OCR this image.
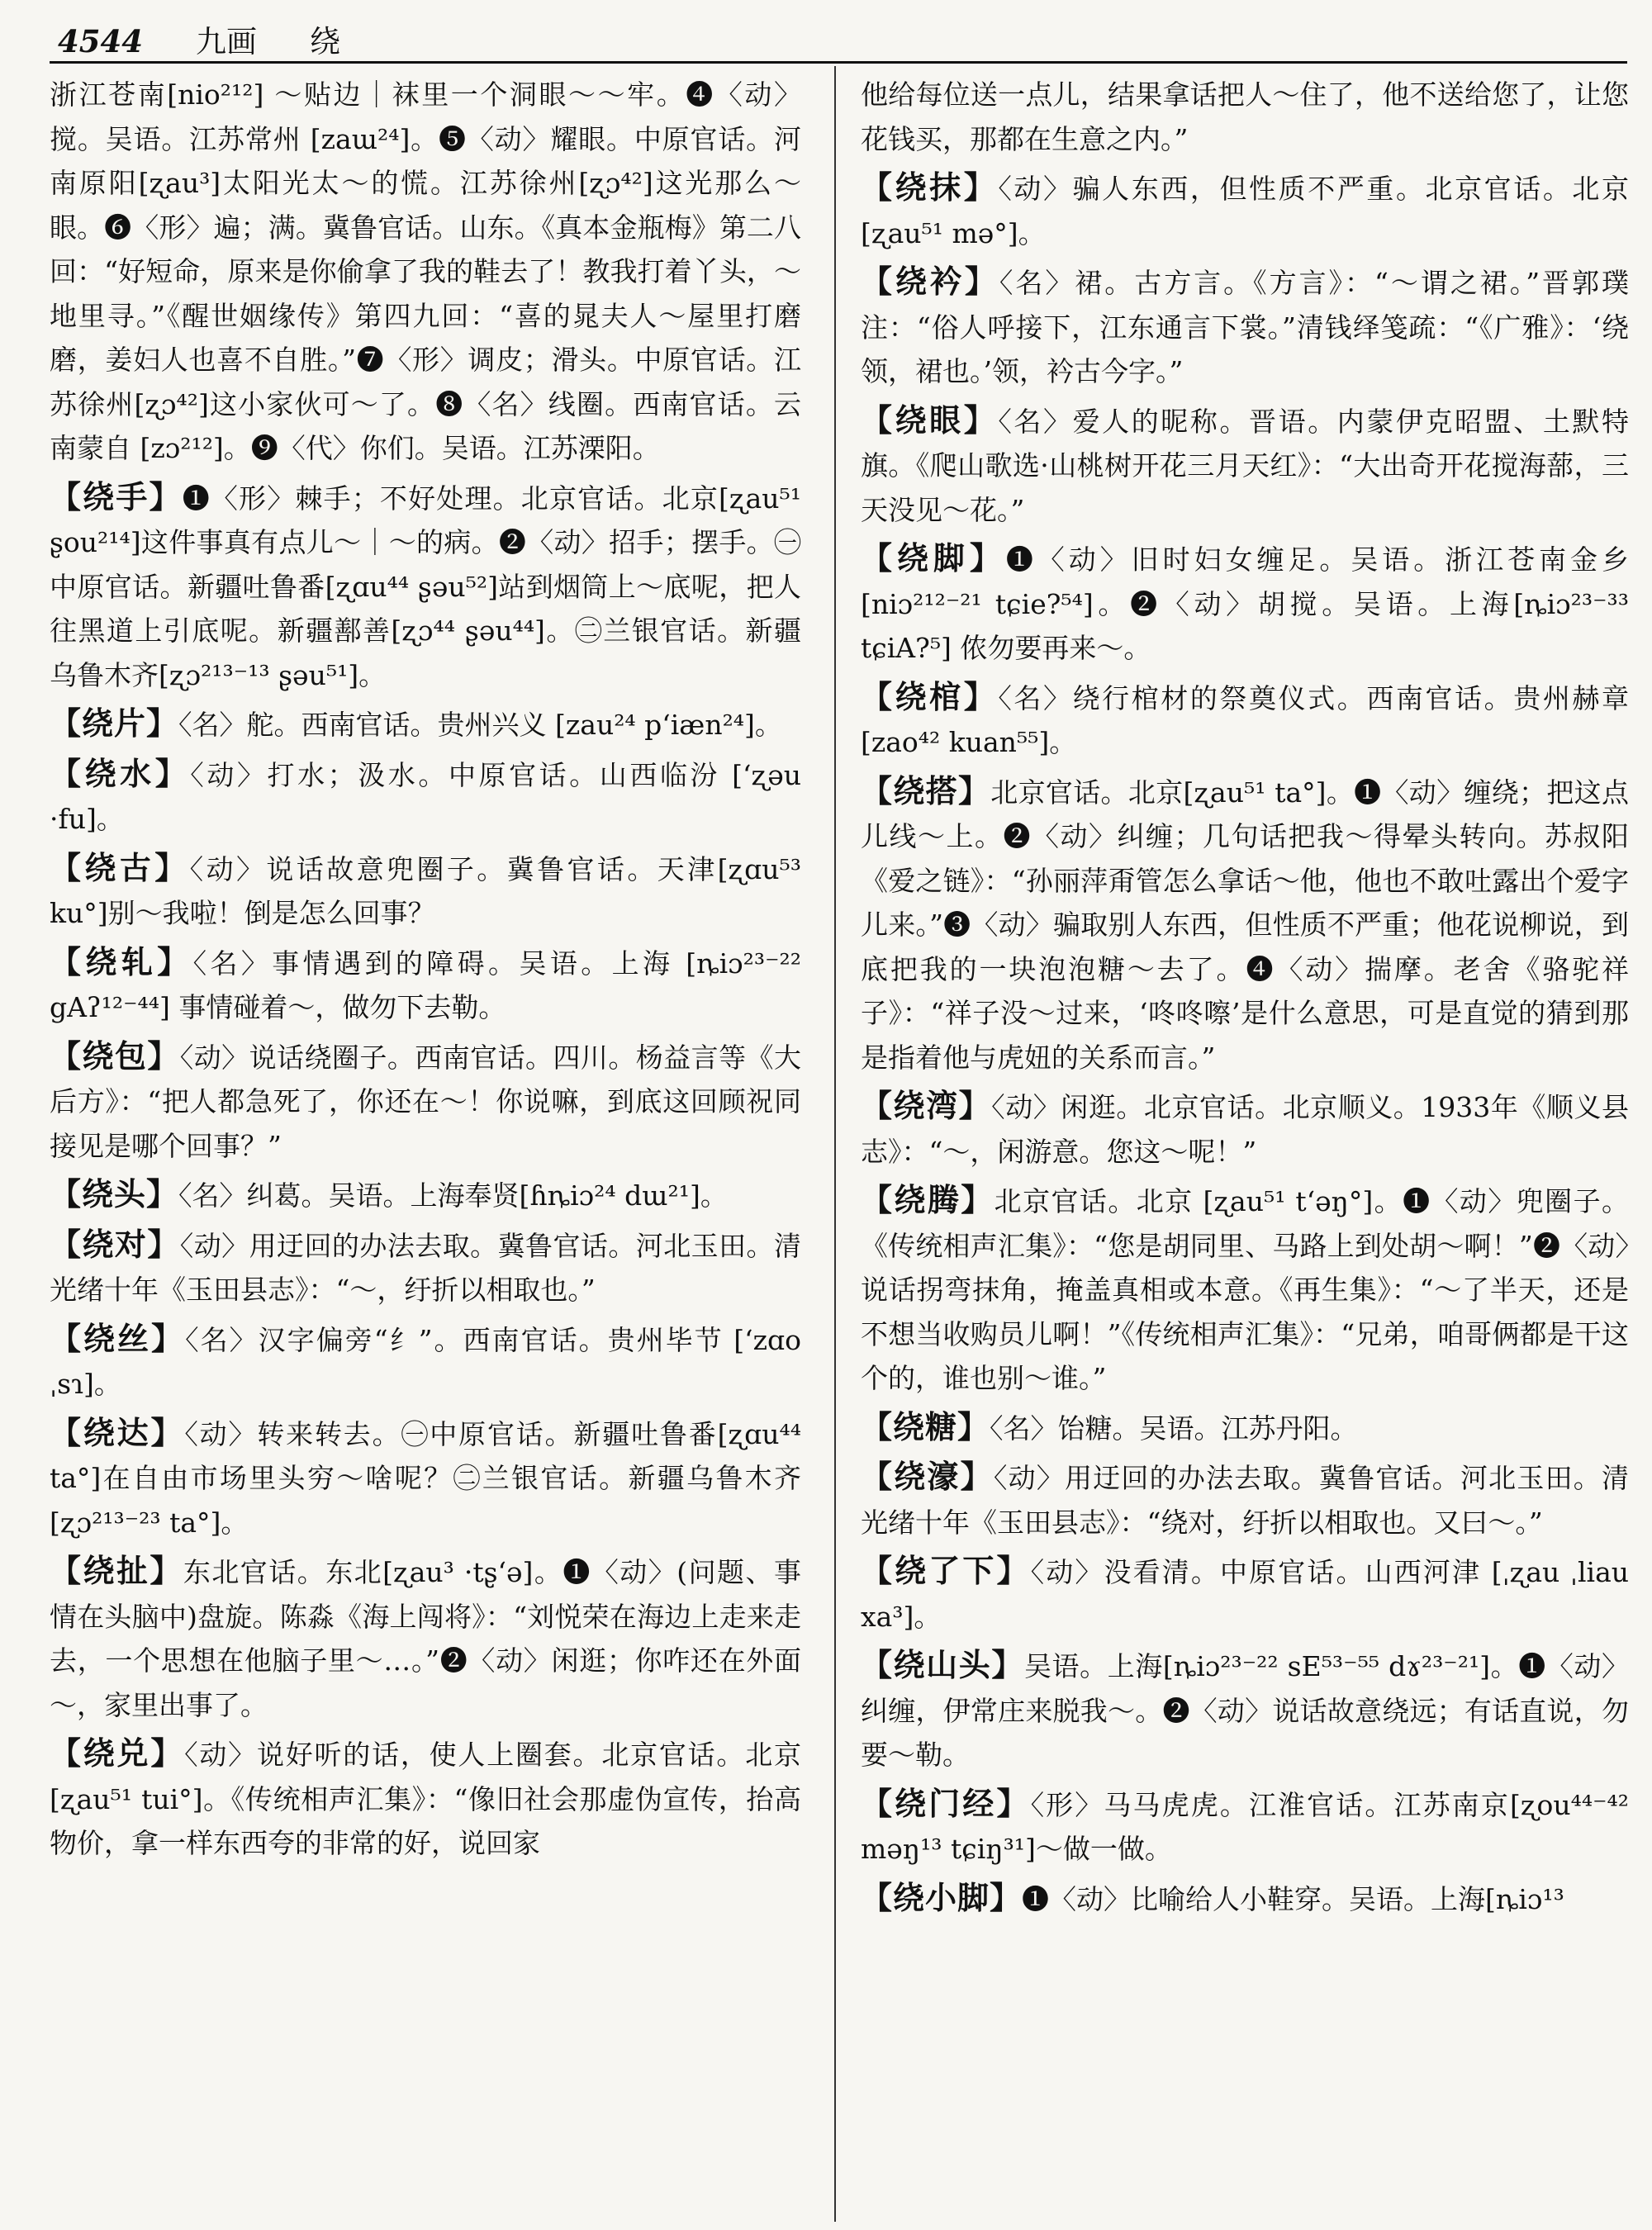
4544 九画 绕

浙江苍南[nio²¹²] ～贴边｜袜里一个洞眼～～牢。❹〈动〉搅。吴语。江苏常州 [zaɯ²⁴]。❺〈动〉耀眼。中原官话。河南原阳[ʐau³]太阳光太～的慌。江苏徐州[ʐɔ⁴²]这光那么～眼。❻〈形〉遍；满。冀鲁官话。山东。《真本金瓶梅》第二八回：“好短命，原来是你偷拿了我的鞋去了！教我打着丫头，～地里寻。”《醒世姻缘传》第四九回：“喜的晁夫人～屋里打磨磨，姜妇人也喜不自胜。”❼〈形〉调皮；滑头。中原官话。江苏徐州[ʐɔ⁴²]这小家伙可～了。❽〈名〉线圈。西南官话。云南蒙自 [zɔ²¹²]。❾〈代〉你们。吴语。江苏溧阳。

【绕手】❶〈形〉棘手；不好处理。北京官话。北京[ʐau⁵¹ ʂou²¹⁴]这件事真有点儿～｜～的病。❷〈动〉招手；摆手。㊀中原官话。新疆吐鲁番[ʐɑu⁴⁴ ʂəu⁵²]站到烟筒上～底呢，把人往黑道上引底呢。新疆鄯善[ʐɔ⁴⁴ ʂəu⁴⁴]。㊁兰银官话。新疆乌鲁木齐[ʐɔ²¹³⁻¹³ ʂəu⁵¹]。

【绕片】〈名〉舵。西南官话。贵州兴义 [zau²⁴ p‘iæn²⁴]。

【绕水】〈动〉打水；汲水。中原官话。山西临汾 [ʻʐəu ·fu]。

【绕古】〈动〉说话故意兜圈子。冀鲁官话。天津[ʐɑu⁵³ ku°]别～我啦！倒是怎么回事？

【绕轧】〈名〉事情遇到的障碍。吴语。上海 [ȵiɔ²³⁻²² gAʔ¹²⁻⁴⁴] 事情碰着～，做勿下去勒。

【绕包】〈动〉说话绕圈子。西南官话。四川。杨益言等《大后方》：“把人都急死了，你还在～！你说嘛，到底这回顾祝同接见是哪个回事？”

【绕头】〈名〉纠葛。吴语。上海奉贤[ɦȵiɔ²⁴ dɯ²¹]。

【绕对】〈动〉用迂回的办法去取。冀鲁官话。河北玉田。清光绪十年《玉田县志》：“～，纡折以相取也。”

【绕丝】〈名〉汉字偏旁“纟”。西南官话。贵州毕节 [ʻzɑo ˌsɿ]。

【绕达】〈动〉转来转去。㊀中原官话。新疆吐鲁番[ʐɑu⁴⁴ ta°]在自由市场里头穷～啥呢？㊁兰银官话。新疆乌鲁木齐[ʐɔ²¹³⁻²³ ta°]。

【绕扯】东北官话。东北[ʐau³ ·tʂ‘ə]。❶〈动〉(问题、事情在头脑中)盘旋。陈淼《海上闯将》：“刘悦荣在海边上走来走去，一个思想在他脑子里～…。”❷〈动〉闲逛；你咋还在外面～，家里出事了。

【绕兑】〈动〉说好听的话，使人上圈套。北京官话。北京 [ʐau⁵¹ tui°]。《传统相声汇集》：“像旧社会那虚伪宣传，抬高物价，拿一样东西夸的非常的好，说回家

他给每位送一点儿，结果拿话把人～住了，他不送给您了，让您花钱买，那都在生意之内。”

【绕抹】〈动〉骗人东西，但性质不严重。北京官话。北京[ʐau⁵¹ mə°]。

【绕衿】〈名〉裙。古方言。《方言》：“～谓之裙。”晋郭璞注：“俗人呼接下，江东通言下裳。”清钱绎笺疏：“《广雅》：‘绕领，裙也。’领，衿古今字。”

【绕眼】〈名〉爱人的昵称。晋语。内蒙伊克昭盟、土默特旗。《爬山歌选·山桃树开花三月天红》：“大出奇开花搅海蔀，三天没见～花。”

【绕脚】❶〈动〉旧时妇女缠足。吴语。浙江苍南金乡[niɔ²¹²⁻²¹ tɕie?⁵⁴]。❷〈动〉胡搅。吴语。上海[ȵiɔ²³⁻³³ tɕiA?⁵] 侬勿要再来～。

【绕棺】〈名〉绕行棺材的祭奠仪式。西南官话。贵州赫章[zao⁴² kuan⁵⁵]。

【绕搭】北京官话。北京[ʐau⁵¹ ta°]。❶〈动〉缠绕；把这点儿线～上。❷〈动〉纠缠；几句话把我～得晕头转向。苏叔阳《爱之链》：“孙丽萍甭管怎么拿话～他，他也不敢吐露出个爱字儿来。”❸〈动〉骗取别人东西，但性质不严重；他花说柳说，到底把我的一块泡泡糖～去了。❹〈动〉揣摩。老舍《骆驼祥子》：“祥子没～过来，‘咚咚嚓’是什么意思，可是直觉的猜到那是指着他与虎妞的关系而言。”

【绕湾】〈动〉闲逛。北京官话。北京顺义。1933年《顺义县志》：“～，闲游意。您这～呢！”

【绕腾】北京官话。北京 [ʐau⁵¹ t‘əŋ°]。❶〈动〉兜圈子。《传统相声汇集》：“您是胡同里、马路上到处胡～啊！”❷〈动〉说话拐弯抹角，掩盖真相或本意。《再生集》：“～了半天，还是不想当收购员儿啊！”《传统相声汇集》：“兄弟，咱哥俩都是干这个的，谁也别～谁。”

【绕糖】〈名〉饴糖。吴语。江苏丹阳。

【绕濠】〈动〉用迂回的办法去取。冀鲁官话。河北玉田。清光绪十年《玉田县志》：“绕对，纡折以相取也。又曰～。”

【绕了下】〈动〉没看清。中原官话。山西河津 [ˌʐau ˌliau xa³]。

【绕山头】吴语。上海[ȵiɔ²³⁻²² sE⁵³⁻⁵⁵ dɤ²³⁻²¹]。❶〈动〉纠缠，伊常庄来脱我～。❷〈动〉说话故意绕远；有话直说，勿要～勒。

【绕门经】〈形〉马马虎虎。江淮官话。江苏南京[ʐou⁴⁴⁻⁴² məŋ¹³ tɕiŋ³¹]～做一做。

【绕小脚】❶〈动〉比喻给人小鞋穿。吴语。上海[ȵiɔ¹³
